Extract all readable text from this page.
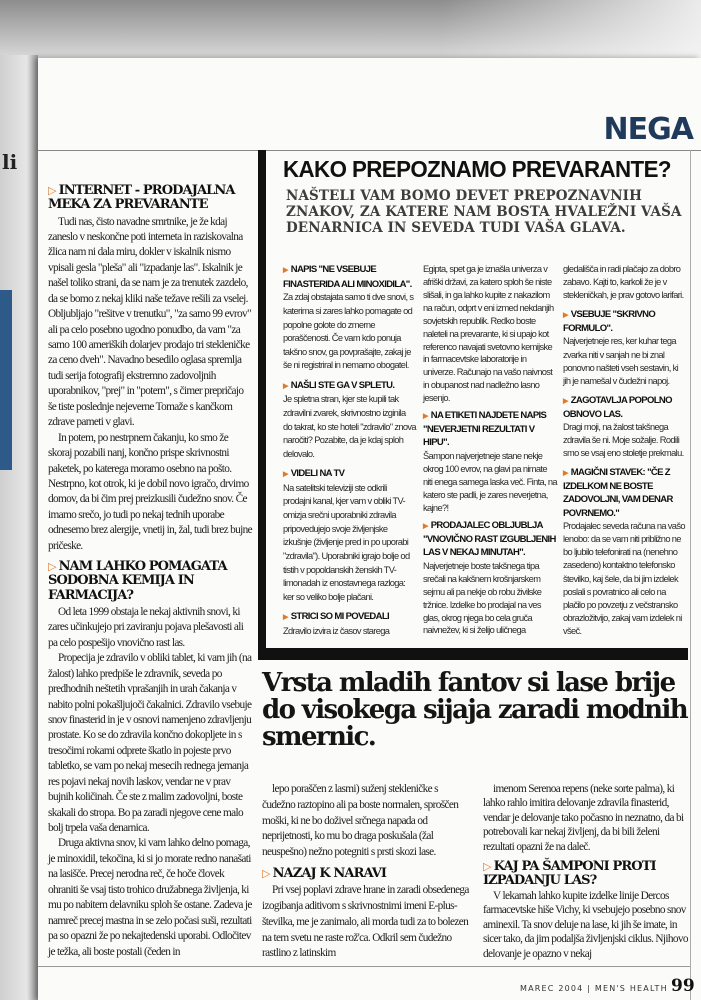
li
NEGA
▷ INTERNET - PRODAJALNA MEKA ZA PREVARANTE

Tudi nas, čisto navadne smrtnike, je že kdaj zaneslo v neskončne poti interneta in raziskovalna žlica nam ni dala miru, dokler v iskalnik nismo vpisali gesla "pleša" ali "izpadanje las". Iskalnik je našel toliko strani, da se nam je za trenutek zazdelo, da se bomo z nekaj kliki naše težave rešili za vselej. Obljubljajo "rešitve v trenutku", "za samo 99 evrov" ali pa celo posebno ugodno ponudbo, da vam "za samo 100 ameriških dolarjev prodajo tri stekleničke za ceno dveh". Navadno besedilo oglasa spremlja tudi serija fotografij ekstremno zadovoljnih uporabnikov, "prej" in "potem", s čimer prepričajo še tiste poslednje nejeverne Tomaže s kančkom zdrave pameti v glavi.

In potem, po nestrpnem čakanju, ko smo že skoraj pozabili nanj, končno prispe skrivnostni paketek, po katerega moramo osebno na pošto. Nestrpno, kot otrok, ki je dobil novo igračo, drvimo domov, da bi čim prej preizkusili čudežno snov. Če imamo srečo, jo tudi po nekaj tednih uporabe odnesemo brez alergije, vnetij in, žal, tudi brez bujne pričeske.

▷ NAM LAHKO POMAGATA SODOBNA KEMIJA IN FARMACIJA?

Od leta 1999 obstaja le nekaj aktivnih snovi, ki zares učinkujejo pri zaviranju pojava plešavosti ali pa celo pospešijo vnovično rast las.

Propecija je zdravilo v obliki tablet, ki vam jih (na žalost) lahko predpiše le zdravnik, seveda po predhodnih neštetih vprašanjih in urah čakanja v nabito polni pokašljujoči čakalnici. Zdravilo vsebuje snov finasterid in je v osnovi namenjeno zdravljenju prostate. Ko se do zdravila končno dokopljete in s tresočimi rokami odprete škatlo in pojeste prvo tabletko, se vam po nekaj mesecih rednega jemanja res pojavi nekaj novih laskov, vendar ne v prav bujnih količinah. Če ste z malim zadovoljni, boste skakali do stropa. Bo pa zaradi njegove cene malo bolj trpela vaša denarnica.

Druga aktivna snov, ki vam lahko delno pomaga, je minoxidil, tekočina, ki si jo morate redno nanašati na lasišče. Precej nerodna reč, če hoče človek ohraniti še vsaj tisto trohico družabnega življenja, ki mu po nabitem delavniku sploh še ostane. Zadeva je namreč precej mastna in se zelo počasi suši, rezultati pa so opazni že po nekajtedenski uporabi. Odločitev je težka, ali boste postali (čeden in

KAKO PREPOZNAMO PREVARANTE?
NAŠTELI VAM BOMO DEVET PREPOZNAVNIH ZNAKOV, ZA KATERE NAM BOSTA HVALEŽNI VAŠA DENARNICA IN SEVEDA TUDI VAŠA GLAVA.
▶ NAPIS "NE VSEBUJE FINASTERIDA ALI MINOXIDILA".

Za zdaj obstajata samo ti dve snovi, s katerima si zares lahko pomagate od popolne golote do zmerne poraščenosti. Če vam kdo ponuja takšno snov, ga povprašajte, zakaj je še ni registriral in nemarno obogatel.

▶ NAŠLI STE GA V SPLETU.

Je spletna stran, kjer ste kupili tak zdravilni zvarek, skrivnostno izginila do takrat, ko ste hoteli "zdravilo" znova naročiti? Pozabite, da je kdaj sploh delovalo.

▶ VIDELI NA TV

Na satelitski televiziji ste odkrili prodajni kanal, kjer vam v obliki TV-omizja srečni uporabniki zdravila pripovedujejo svoje življenjske izkušnje (življenje pred in po uporabi "zdravila"). Uporabniki igrajo bolje od tistih v popoldanskih ženskih TV-limonadah iz enostavnega razloga: ker so veliko bolje plačani.

▶ STRICI SO MI POVEDALI

Zdravilo izvira iz časov starega

Egipta, spet ga je iznašla univerza v afriški državi, za katero sploh še niste slišali, in ga lahko kupite z nakazilom na račun, odprt v eni izmed nekdanjih sovjetskih republik. Redko boste naleteli na prevarante, ki si upajo kot referenco navajati svetovno kemijske in farmacevtske laboratorije in univerze. Računajo na vašo naivnost in obupanost nad nadležno lasno jesenjo.

▶ NA ETIKETI NAJDETE NAPIS "NEVERJETNI REZULTATI V HIPU".

Šampon najverjetneje stane nekje okrog 100 evrov, na glavi pa nimate niti enega samega laska več. Finta, na katero ste padli, je zares neverjetna, kajne?!

▶ PRODAJALEC OBLJUBLJA "VNOVIČNO RAST IZGUBLJENIH LAS V NEKAJ MINUTAH".

Najverjetneje boste takšnega tipa srečali na kakšnem krošnjarskem sejmu ali pa nekje ob robu živilske tržnice. Izdelke bo prodajal na ves glas, okrog njega bo cela gruča naivnežev, ki si želijo uličnega

gledališča in radi plačajo za dobro zabavo. Kajti to, karkoli že je v stekleničkah, je prav gotovo larifari.

▶ VSEBUJE "SKRIVNO FORMULO".

Najverjetneje res, ker kuhar tega zvarka niti v sanjah ne bi znal ponovno našteti vseh sestavin, ki jih je namešal v čudežni napoj.

▶ ZAGOTAVLJA POPOLNO OBNOVO LAS.

Dragi moji, na žalost takšnega zdravila še ni. Moje sožalje. Rodili smo se vsaj eno stoletje prekmalu.

▶ MAGIČNI STAVEK: "ČE Z IZDELKOM NE BOSTE ZADOVOLJNI, VAM DENAR POVRNEMO."

Prodajalec seveda računa na vašo lenobo: da se vam niti približno ne bo ljubilo telefonirati na (nenehno zasedeno) kontaktno telefonsko številko, kaj šele, da bi jim izdelek poslali s povratnico ali celo na plačilo po povzetju z večstransko obrazložitvijo, zakaj vam izdelek ni všeč.

Vrsta mladih fantov si lase brije do visokega sijaja zaradi modnih smernic.

lepo poraščen z lasmi) suženj stekleničke s čudežno raztopino ali pa boste normalen, sproščen moški, ki ne bo doživel srčnega napada od neprijetnosti, ko mu bo draga poskušala (žal neuspešno) nežno potegniti s prsti skozi lase.

▷ NAZAJ K NARAVI

Pri vsej poplavi zdrave hrane in zaradi obsedenega izogibanja aditivom s skrivnostnimi imeni E-plus-številka, me je zanimalo, ali morda tudi za to bolezen na tem svetu ne raste rož'ca. Odkril sem čudežno rastlino z latinskim

imenom Serenoa repens (neke sorte palma), ki lahko rahlo imitira delovanje zdravila finasterid, vendar je delovanje tako počasno in neznatno, da bi potrebovali kar nekaj življenj, da bi bili želeni rezultati opazni že na daleč.

▷ KAJ PA ŠAMPONI PROTI IZPADANJU LAS?

V lekarnah lahko kupite izdelke linije Dercos farmacevtske hiše Vichy, ki vsebujejo posebno snov aminexil. Ta snov deluje na lase, ki jih še imate, in sicer tako, da jim podaljša življenjski ciklus. Njihovo delovanje je opazno v nekaj

MAREC 2004 | MEN'S HEALTH 99
